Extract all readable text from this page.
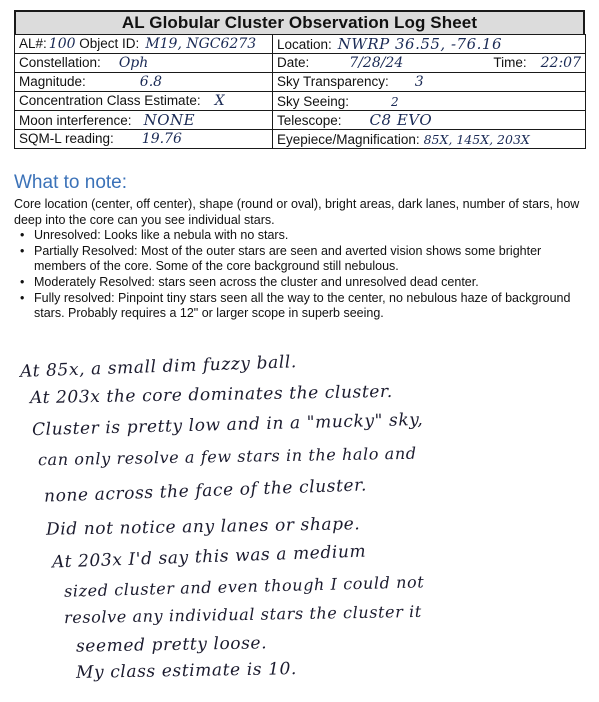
AL Globular Cluster Observation Log Sheet
AL#: 100 Object ID: M19, NGC6273	Location: NWRP 36.55, -76.16
Constellation: Oph	Date: 7/28/24 Time: 22:07

Magnitude: 6.8	Sky Transparency: 3
Concentration Class Estimate: X	Sky Seeing: 2
Moon interference: NONE	Telescope: C8 EVO
SQM-L reading: 19.76	Eyepiece/Magnification: 85X, 145X, 203X
What to note:

Core location (center, off center), shape (round or oval), bright areas, dark lanes, number of stars, how deep into the core can you see individual stars.

• Unresolved: Looks like a nebula with no stars.
• Partially Resolved: Most of the outer stars are seen and averted vision shows some brighter members of the core. Some of the core background still nebulous.
• Moderately Resolved: stars seen across the cluster and unresolved dead center.
• Fully resolved: Pinpoint tiny stars seen all the way to the center, no nebulous haze of background stars. Probably requires a 12" or larger scope in superb seeing.
At 85x, a small dim fuzzy ball.
At 203x the core dominates the cluster.
Cluster is pretty low and in a "mucky" sky,
can only resolve a few stars in the halo and
none across the face of the cluster.
Did not notice any lanes or shape.
At 203x I'd say this was a medium
sized cluster and even though I could not
resolve any individual stars the cluster it
seemed pretty loose.
My class estimate is 10.
